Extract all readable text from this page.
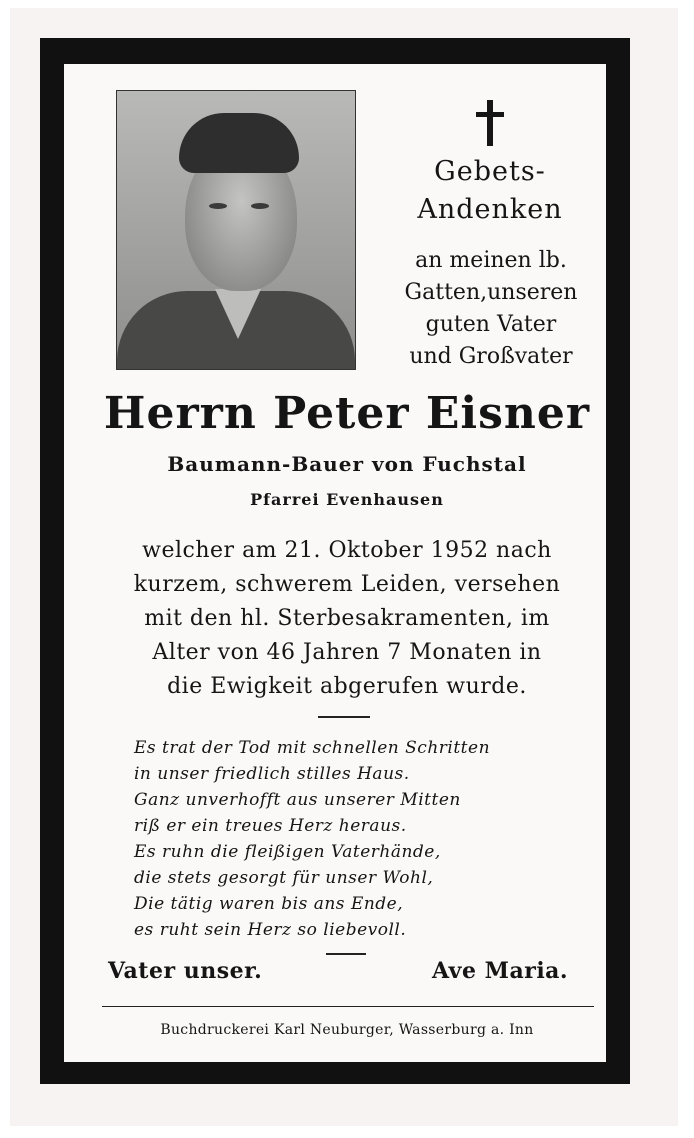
Gebets-
Andenken
an meinen lb.
Gatten,unseren
guten Vater
und Großvater
Herrn Peter Eisner
Baumann-Bauer von Fuchstal
Pfarrei Evenhausen
welcher am 21. Oktober 1952 nach
kurzem, schwerem Leiden, versehen
mit den hl. Sterbesakramenten, im
Alter von 46 Jahren 7 Monaten in
die Ewigkeit abgerufen wurde.
Es trat der Tod mit schnellen Schritten
in unser friedlich stilles Haus.
Ganz unverhofft aus unserer Mitten
riß er ein treues Herz heraus.
Es ruhn die fleißigen Vaterhände,
die stets gesorgt für unser Wohl,
Die tätig waren bis ans Ende,
es ruht sein Herz so liebevoll.
Vater unser.	Ave Maria.
Buchdruckerei Karl Neuburger, Wasserburg a. Inn
